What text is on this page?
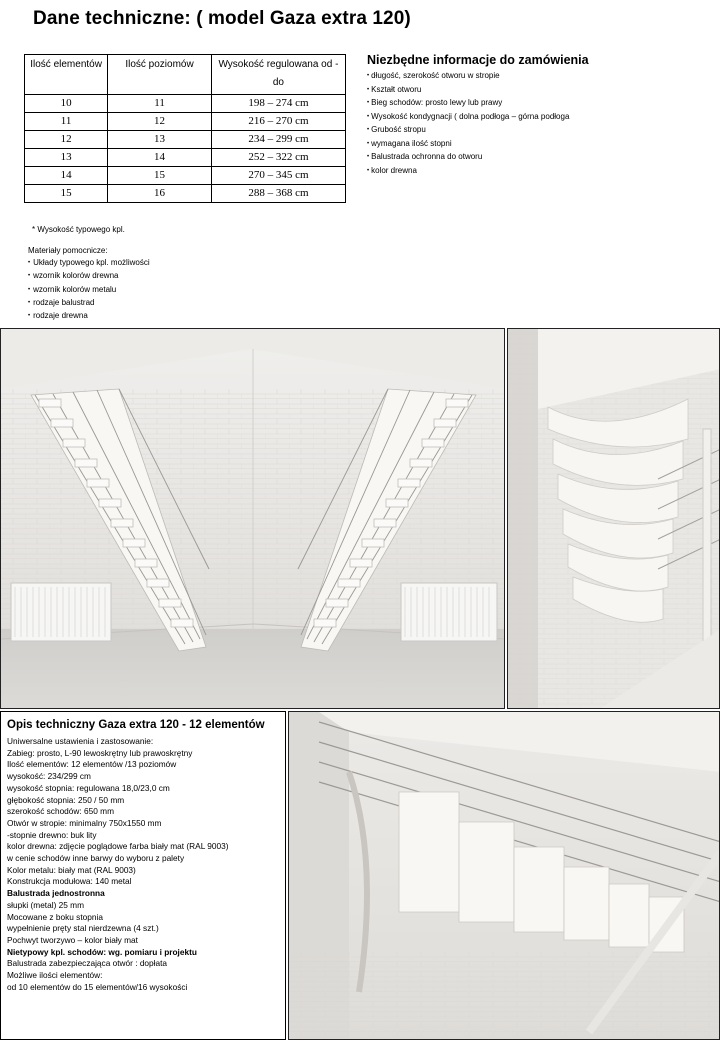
Dane techniczne: ( model Gaza extra 120)
Ilość elementów	Ilość poziomów	Wysokość regulowana od - do
10	11	198 – 274 cm
11	12	216 – 270 cm
12	13	234 – 299 cm
13	14	252 – 322 cm
14	15	270 – 345 cm
15	16	288 – 368 cm
Niezbędne informacje do zamówienia
• długość, szerokość otworu w stropie
• Kształt otworu
• Bieg schodów: prosto lewy lub prawy
• Wysokość kondygnacji ( dolna podłoga – górna podłoga
• Grubość stropu
• wymagana ilość stopni
• Balustrada ochronna do otworu
• kolor drewna
* Wysokość typowego kpl.
Materiały pomocnicze:
• Układy typowego kpl. możliwości
• wzornik kolorów drewna
• wzornik kolorów metalu
• rodzaje balustrad
• rodzaje drewna
Opis techniczny Gaza extra 120 - 12 elementów
Uniwersalne ustawienia i zastosowanie:
Zabieg: prosto, L-90 lewoskrętny lub prawoskrętny
Ilość elementów: 12 elementów /13 poziomów
wysokość: 234/299 cm
wysokość stopnia: regulowana 18,0/23,0 cm
głębokość stopnia: 250 / 50 mm
szerokość schodów: 650 mm
Otwór w stropie: minimalny 750x1550 mm
-stopnie drewno: buk lity
kolor drewna: zdjęcie poglądowe farba biały mat (RAL 9003)
w cenie schodów inne barwy do wyboru z palety
Kolor metalu: biały mat (RAL 9003)
Konstrukcja modułowa: 140 metal
Balustrada jednostronna
słupki (metal) 25 mm
Mocowane z boku stopnia
wypełnienie pręty stal nierdzewna (4 szt.)
Pochwyt tworzywo – kolor biały mat
Nietypowy kpl. schodów: wg. pomiaru i projektu
Balustrada zabezpieczająca otwór : dopłata
Możliwe ilości elementów:
od 10 elementów do 15 elementów/16 wysokości
